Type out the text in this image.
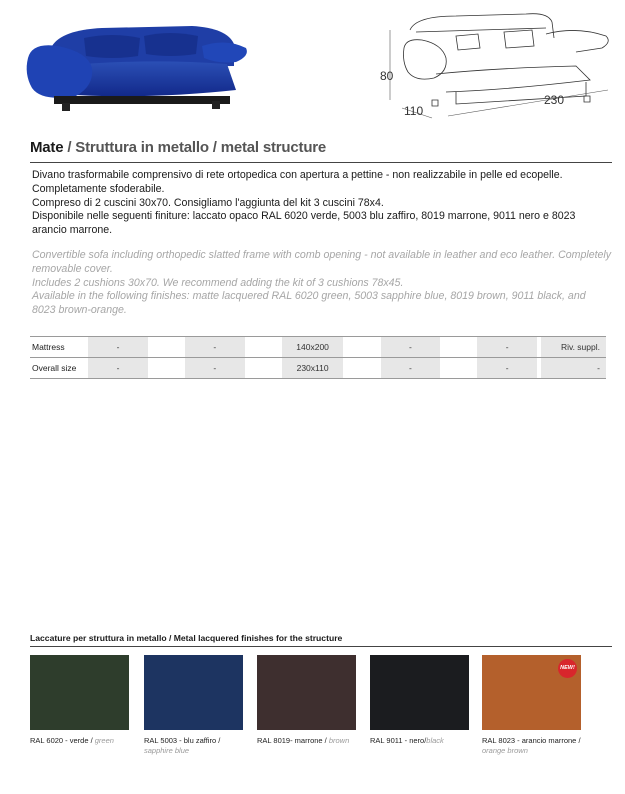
80
110
230
Mate / Struttura in metallo / metal structure

Divano trasformabile comprensivo di rete ortopedica con apertura a pettine - non realizzabile in pelle ed ecopelle.

Completamente sfoderabile.

Compreso di 2 cuscini 30x70. Consigliamo l'aggiunta del kit 3 cuscini 78x4.

Disponibile nelle seguenti finiture: laccato opaco RAL 6020 verde, 5003 blu zaffiro, 8019 marrone, 9011 nero e 8023 arancio marrone.

Convertible sofa including orthopedic slatted frame with comb opening - not available in leather and eco leather. Completely removable cover.

Includes 2 cushions 30x70. We recommend adding the kit of 3 cushions 78x45.

Available in the following finishes: matte lacquered RAL 6020 green, 5003 sapphire blue, 8019 brown, 9011 black, and 8023 brown-orange.

Mattress	-		-		140x200		-		-		Riv. suppl.
Overall size	-		-		230x110		-		-		-
Laccature per struttura in metallo / Metal lacquered finishes for the structure
NEW!
RAL 6020 - verde / green	RAL 5003 - blu zaffiro /
sapphire blue
RAL 8019- marrone / brown	RAL 9011 - nero/black	RAL 8023 - arancio marrone /
orange brown
